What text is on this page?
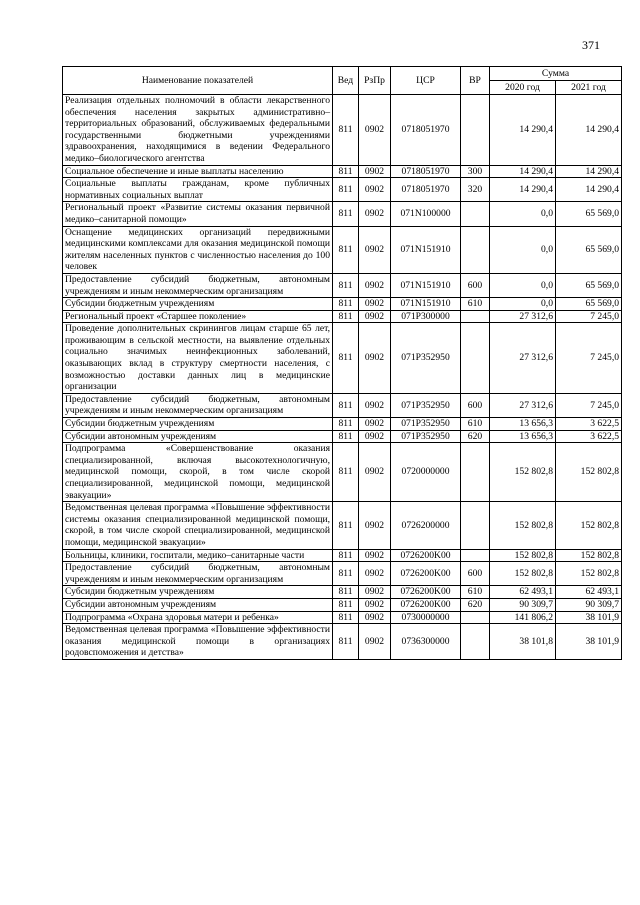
371
Наименование показателей	Вед	РзПр	ЦСР	ВР	Сумма	
					2020 год	2021 год
Реализация отдельных полномочий в области лекарственного обеспечения населения закрытых административно–территориальных образований, обслуживаемых федеральными государственными бюджетными учреждениями здравоохранения, находящимися в ведении Федерального медико–биологического агентства	811	0902	0718051970		14 290,4	14 290,4
Социальное обеспечение и иные выплаты населению	811	0902	0718051970	300	14 290,4	14 290,4
Социальные выплаты гражданам, кроме публичных нормативных социальных выплат	811	0902	0718051970	320	14 290,4	14 290,4
Региональный проект «Развитие системы оказания первичной медико–санитарной помощи»	811	0902	071N100000		0,0	65 569,0
Оснащение медицинских организаций передвижными медицинскими комплексами для оказания медицинской помощи жителям населенных пунктов с численностью населения до 100 человек	811	0902	071N151910		0,0	65 569,0
Предоставление субсидий бюджетным, автономным учреждениям и иным некоммерческим организациям	811	0902	071N151910	600	0,0	65 569,0
Субсидии бюджетным учреждениям	811	0902	071N151910	610	0,0	65 569,0
Региональный проект «Старшее поколение»	811	0902	071P300000		27 312,6	7 245,0
Проведение дополнительных скринингов лицам старше 65 лет, проживающим в сельской местности, на выявление отдельных социально значимых неинфекционных заболеваний, оказывающих вклад в структуру смертности населения, с возможностью доставки данных лиц в медицинские организации	811	0902	071P352950		27 312,6	7 245,0
Предоставление субсидий бюджетным, автономным учреждениям и иным некоммерческим организациям	811	0902	071P352950	600	27 312,6	7 245,0
Субсидии бюджетным учреждениям	811	0902	071P352950	610	13 656,3	3 622,5
Субсидии автономным учреждениям	811	0902	071P352950	620	13 656,3	3 622,5
Подпрограмма «Совершенствование оказания специализированной, включая высокотехнологичную, медицинской помощи, скорой, в том числе скорой специализированной, медицинской помощи, медицинской эвакуации»	811	0902	0720000000		152 802,8	152 802,8
Ведомственная целевая программа «Повышение эффективности системы оказания специализированной медицинской помощи, скорой, в том числе скорой специализированной, медицинской помощи, медицинской эвакуации»	811	0902	0726200000		152 802,8	152 802,8
Больницы, клиники, госпитали, медико–санитарные части	811	0902	0726200K00		152 802,8	152 802,8
Предоставление субсидий бюджетным, автономным учреждениям и иным некоммерческим организациям	811	0902	0726200K00	600	152 802,8	152 802,8
Субсидии бюджетным учреждениям	811	0902	0726200K00	610	62 493,1	62 493,1
Субсидии автономным учреждениям	811	0902	0726200K00	620	90 309,7	90 309,7
Подпрограмма «Охрана здоровья матери и ребенка»	811	0902	0730000000		141 806,2	38 101,9
Ведомственная целевая программа «Повышение эффективности оказания медицинской помощи в организациях родовспоможения и детства»	811	0902	0736300000		38 101,8	38 101,9
